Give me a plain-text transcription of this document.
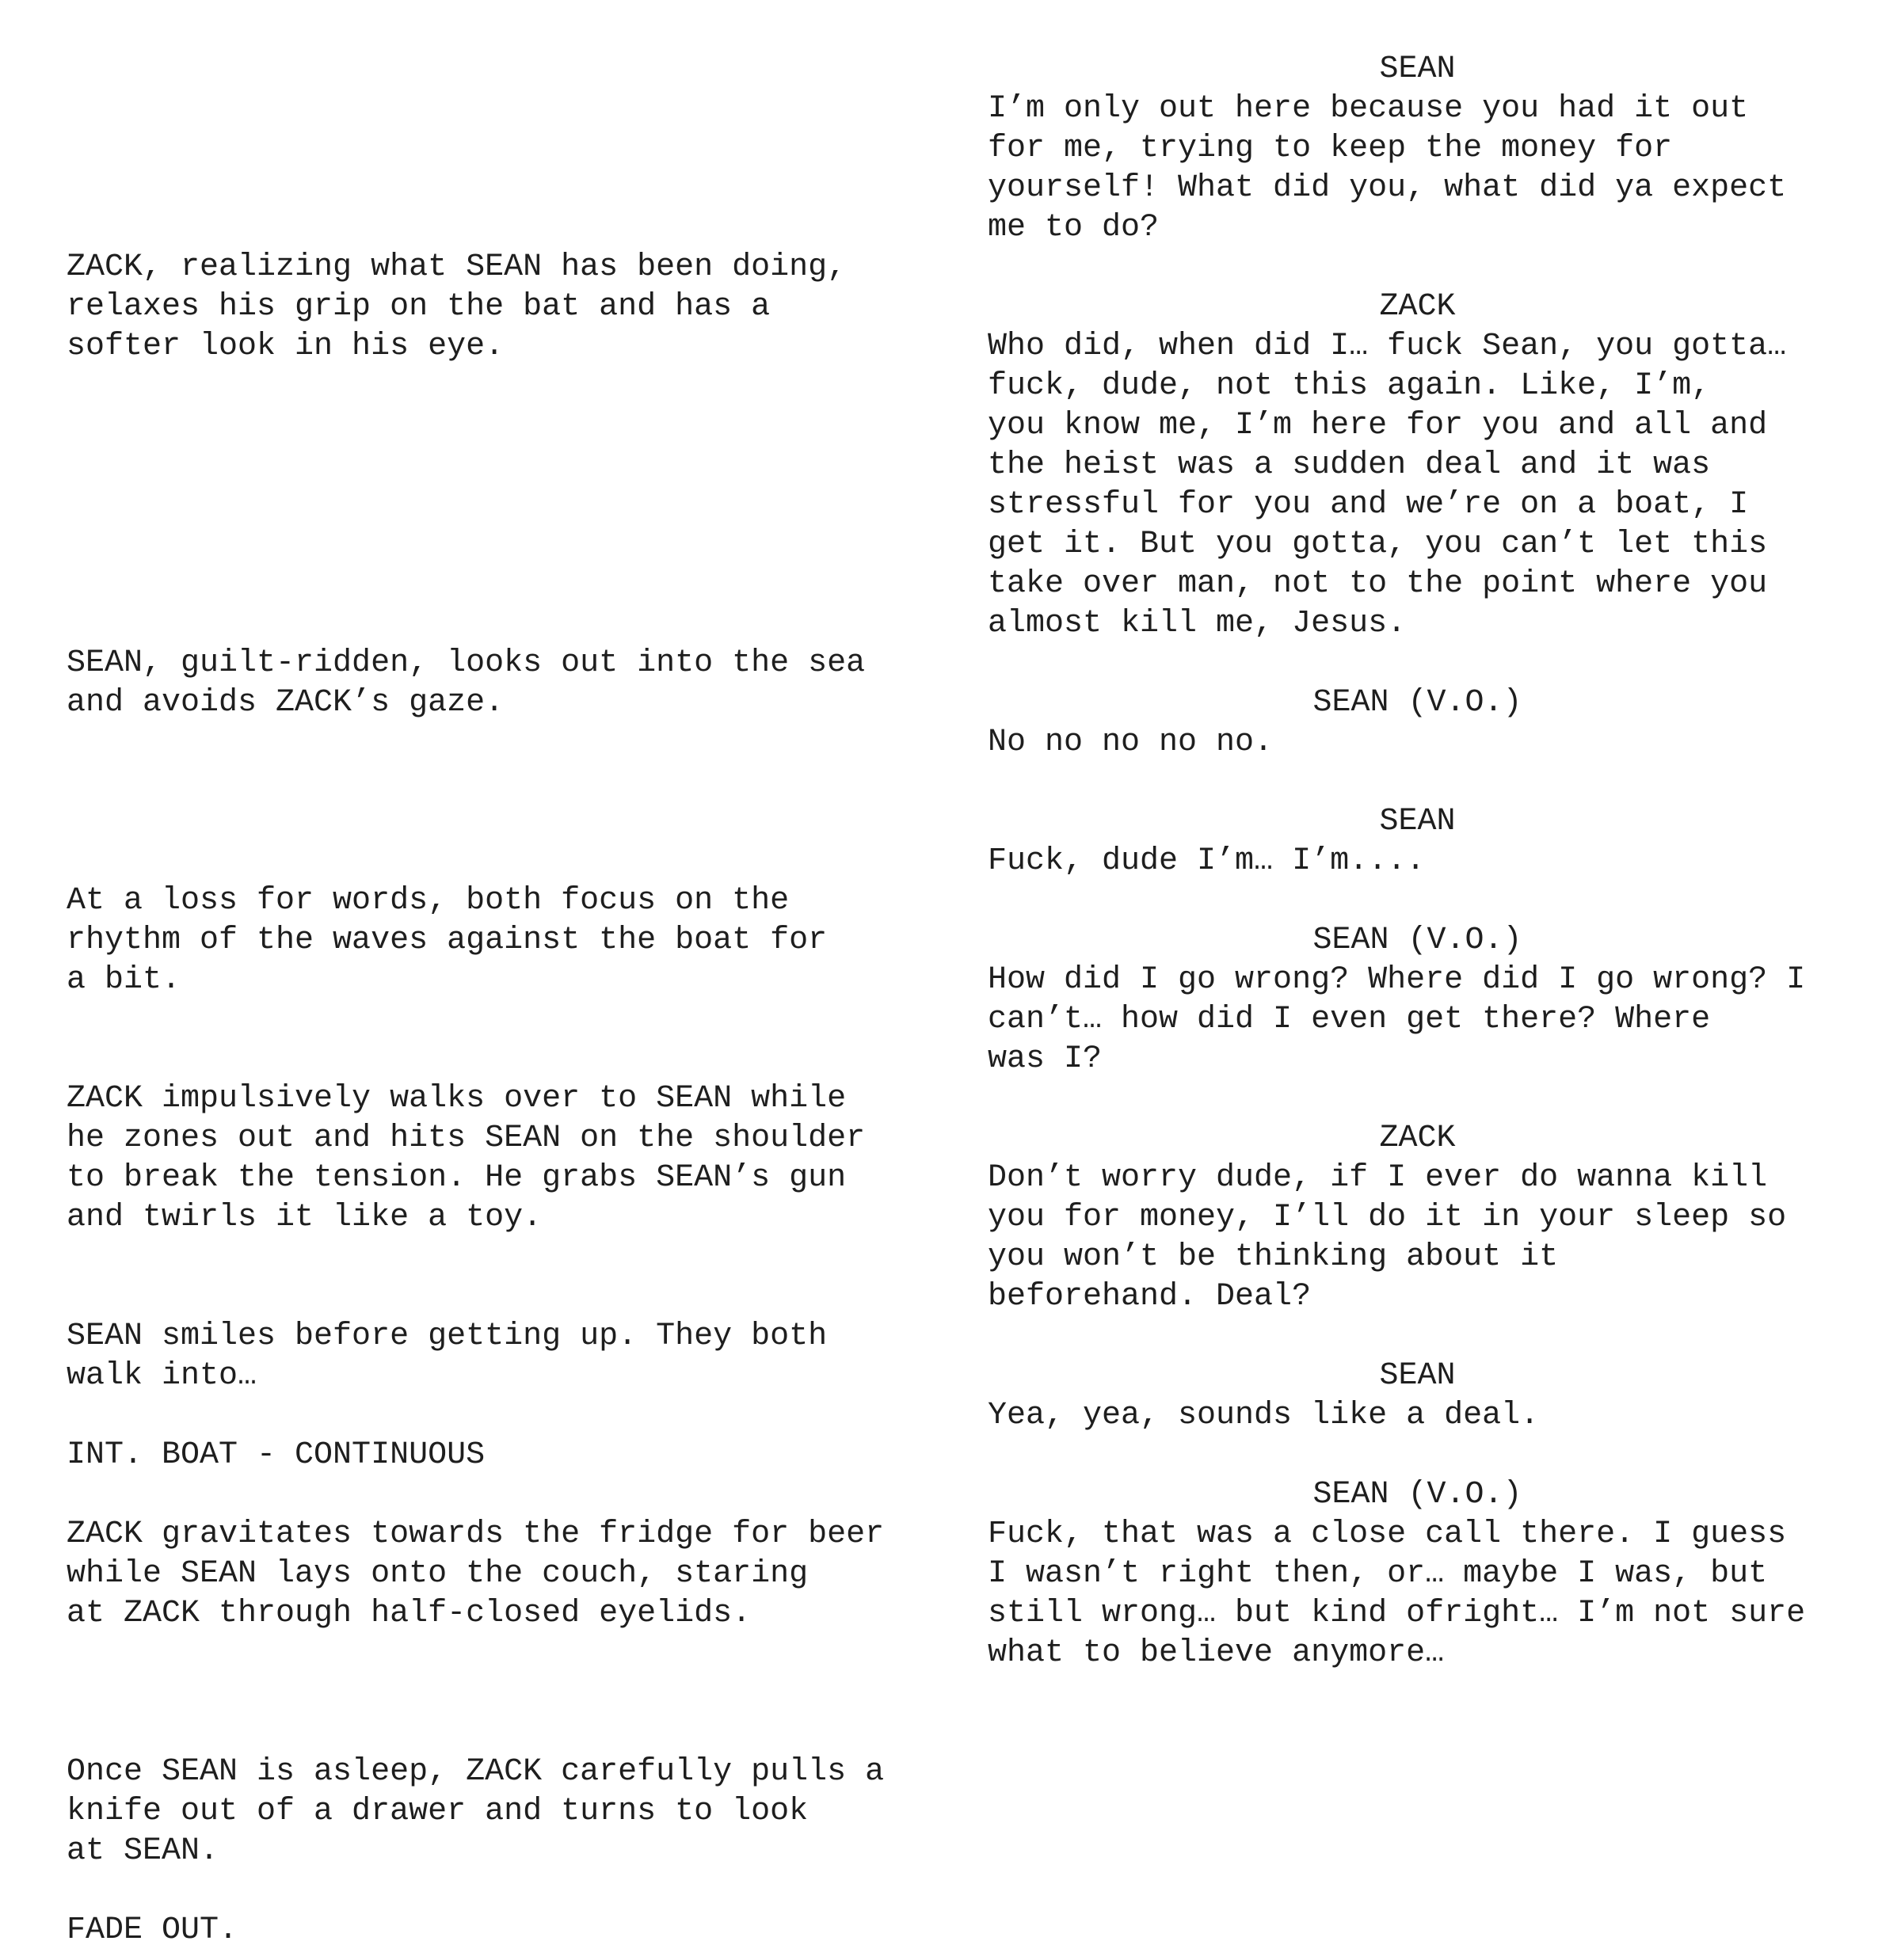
ZACK, realizing what SEAN has been doing,
relaxes his grip on the bat and has a
softer look in his eye.
SEAN, guilt-ridden, looks out into the sea
and avoids ZACK’s gaze.
At a loss for words, both focus on the
rhythm of the waves against the boat for
a bit.
ZACK impulsively walks over to SEAN while
he zones out and hits SEAN on the shoulder
to break the tension. He grabs SEAN’s gun
and twirls it like a toy.
SEAN smiles before getting up. They both
walk into…
INT. BOAT - CONTINUOUS
ZACK gravitates towards the fridge for beer
while SEAN lays onto the couch, staring
at ZACK through half-closed eyelids.
Once SEAN is asleep, ZACK carefully pulls a
knife out of a drawer and turns to look
at SEAN.
FADE OUT.
SEAN
I’m only out here because you had it out
for me, trying to keep the money for
yourself! What did you, what did ya expect
me to do?
ZACK
Who did, when did I… fuck Sean, you gotta…
fuck, dude, not this again. Like, I’m,
you know me, I’m here for you and all and
the heist was a sudden deal and it was
stressful for you and we’re on a boat, I
get it. But you gotta, you can’t let this
take over man, not to the point where you
almost kill me, Jesus.
SEAN (V.O.)
No no no no no.
SEAN
Fuck, dude I’m… I’m....
SEAN (V.O.)
How did I go wrong? Where did I go wrong? I
can’t… how did I even get there? Where
was I?
ZACK
Don’t worry dude, if I ever do wanna kill
you for money, I’ll do it in your sleep so
you won’t be thinking about it
beforehand. Deal?
SEAN
Yea, yea, sounds like a deal.
SEAN (V.O.)
Fuck, that was a close call there. I guess
I wasn’t right then, or… maybe I was, but
still wrong… but kind ofright… I’m not sure
what to believe anymore…
